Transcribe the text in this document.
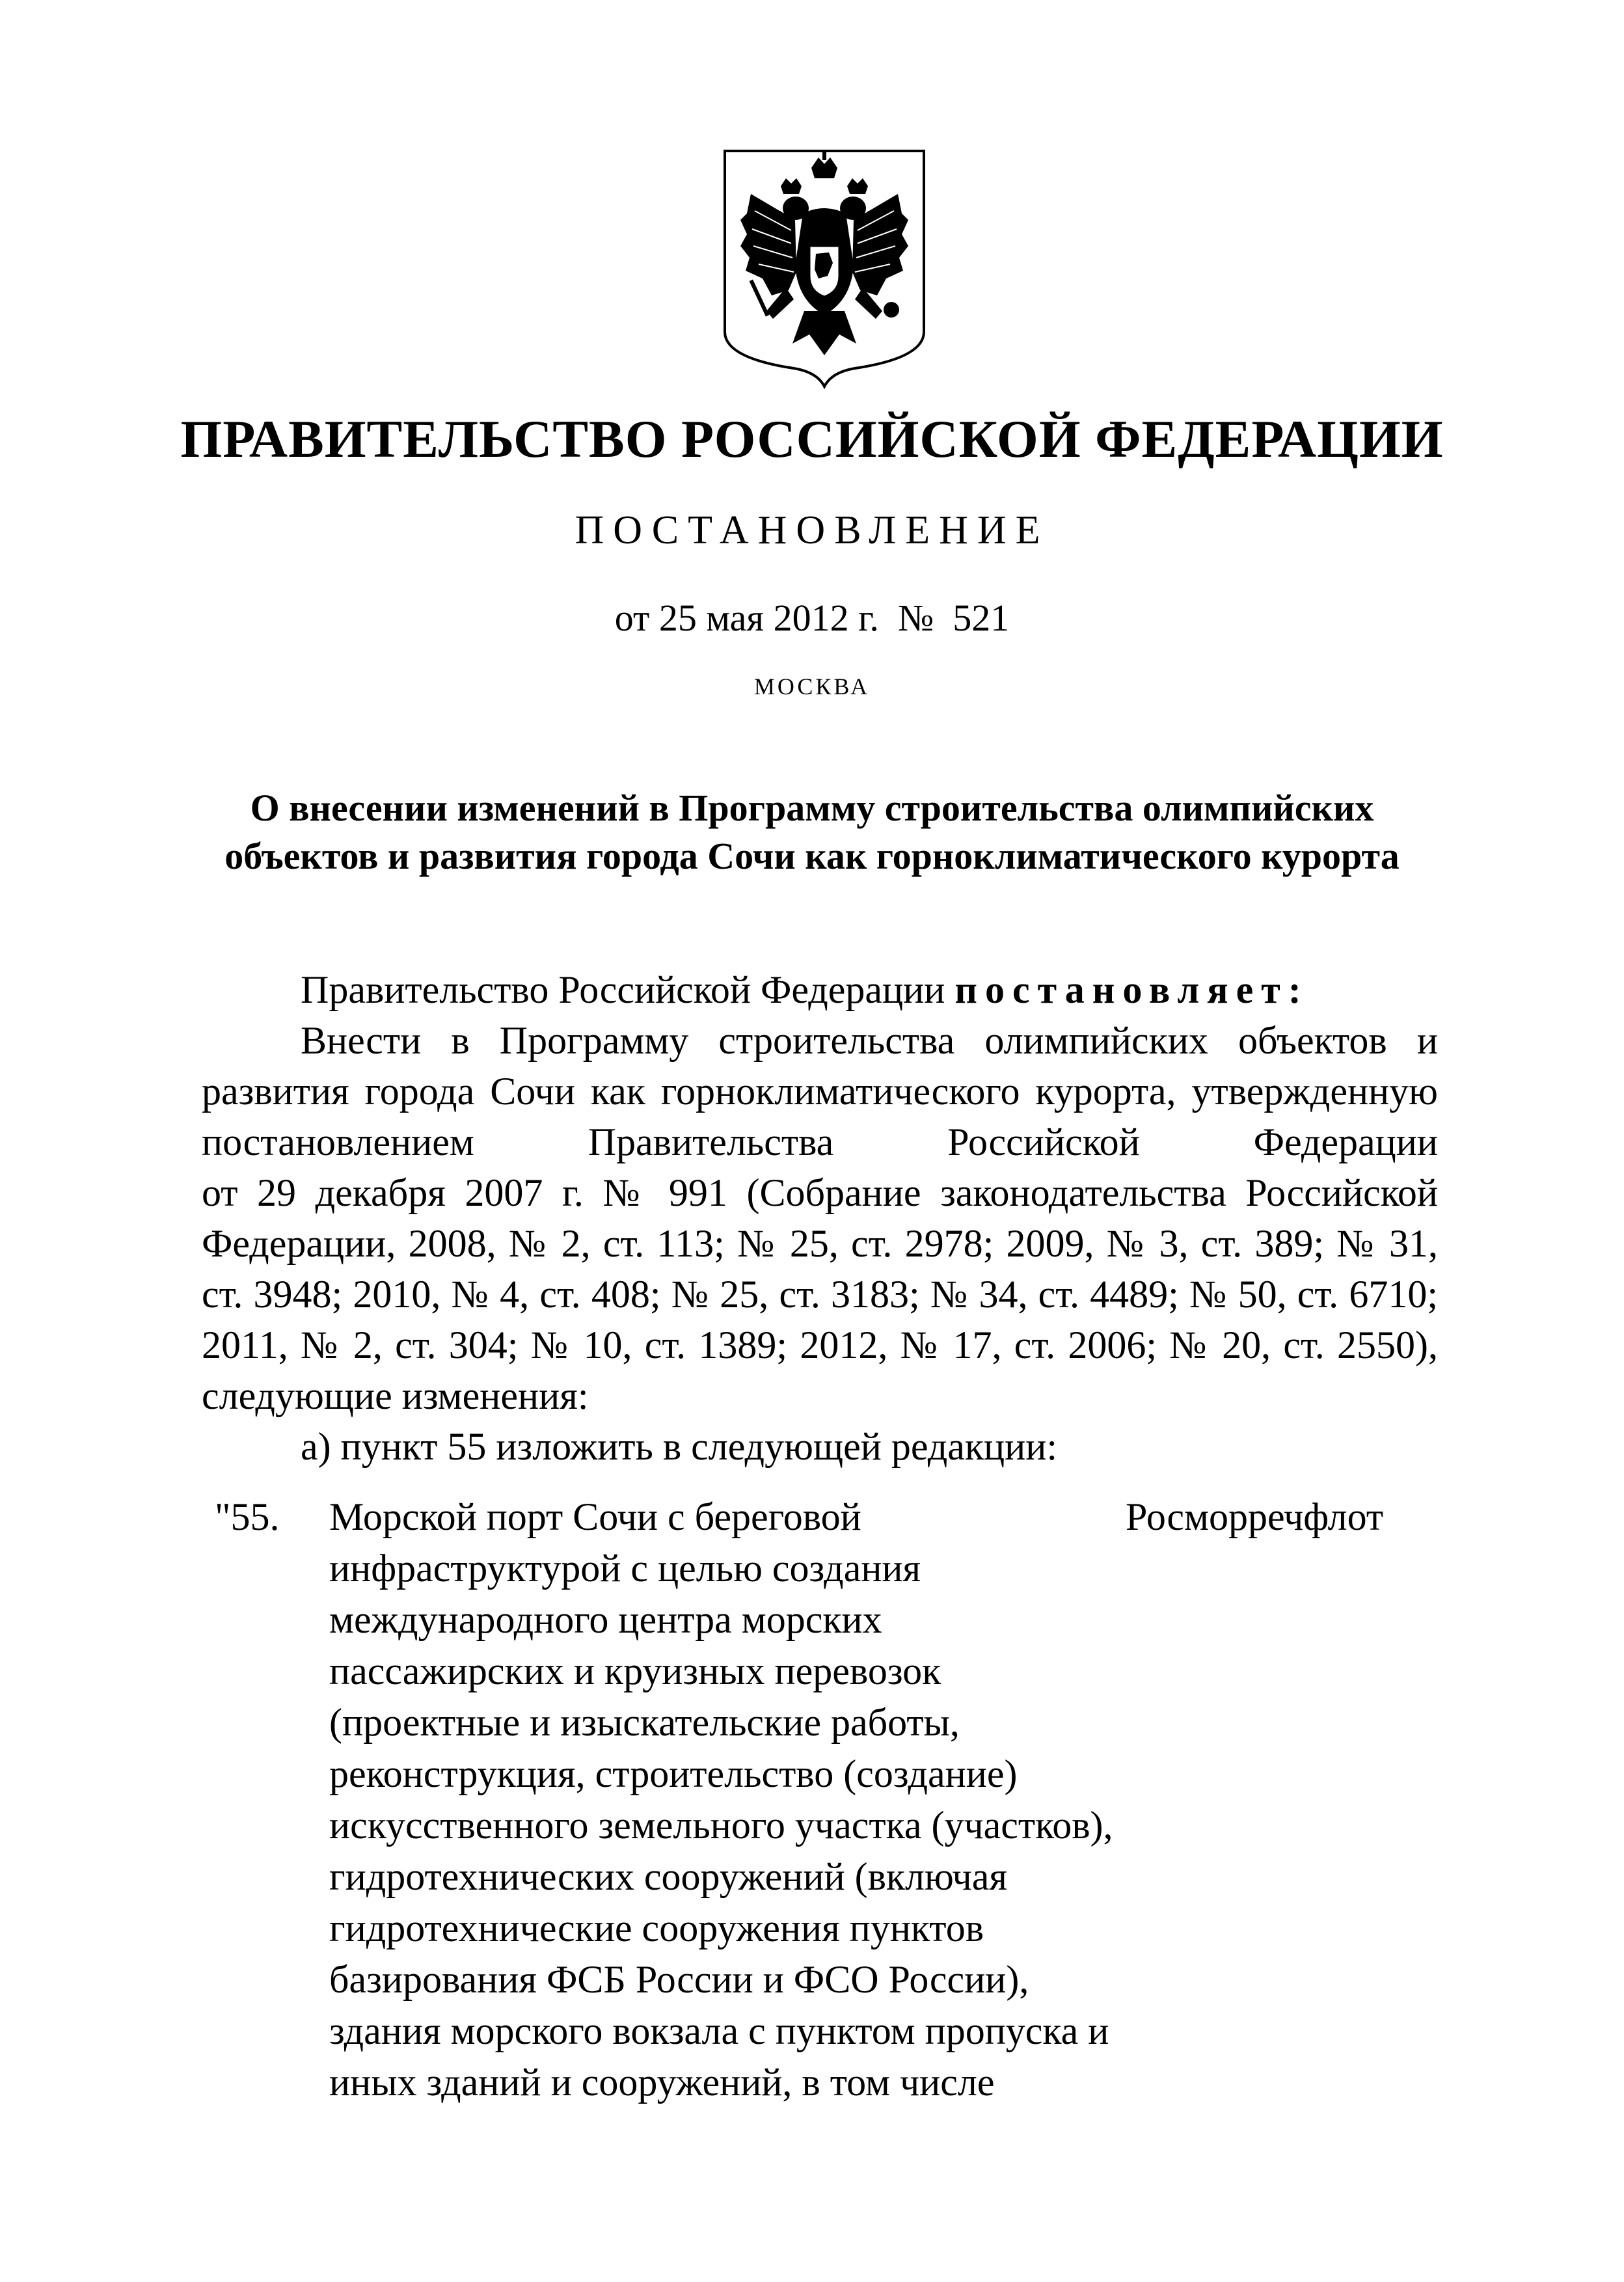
ПРАВИТЕЛЬСТВО РОССИЙСКОЙ ФЕДЕРАЦИИ
ПОСТАНОВЛЕНИЕ
от 25 мая 2012 г.  №  521
МОСКВА
О внесении изменений в Программу строительства олимпийских
объектов и развития города Сочи как горноклиматического курорта
Правительство Российской Федерации постановляет:
Внести в Программу строительства олимпийских объектов и
развития города Сочи как горноклиматического курорта, утвержденную
постановлением Правительства Российской Федерации
от 29 декабря 2007 г. № 991 (Собрание законодательства Российской
Федерации, 2008, № 2, ст. 113; № 25, ст. 2978; 2009, № 3, ст. 389; № 31,
ст. 3948; 2010, № 4, ст. 408; № 25, ст. 3183; № 34, ст. 4489; № 50, ст. 6710;
2011, № 2, ст. 304; № 10, ст. 1389; 2012, № 17, ст. 2006; № 20, ст. 2550),
следующие изменения:
а) пункт 55 изложить в следующей редакции:
"55. Морской порт Сочи с береговой
инфраструктурой с целью создания
международного центра морских
пассажирских и круизных перевозок
(проектные и изыскательские работы,
реконструкция, строительство (создание)
искусственного земельного участка (участков),
гидротехнических сооружений (включая
гидротехнические сооружения пунктов
базирования ФСБ России и ФСО России),
здания морского вокзала с пунктом пропуска и
иных зданий и сооружений, в том числе
Росморречфлот
